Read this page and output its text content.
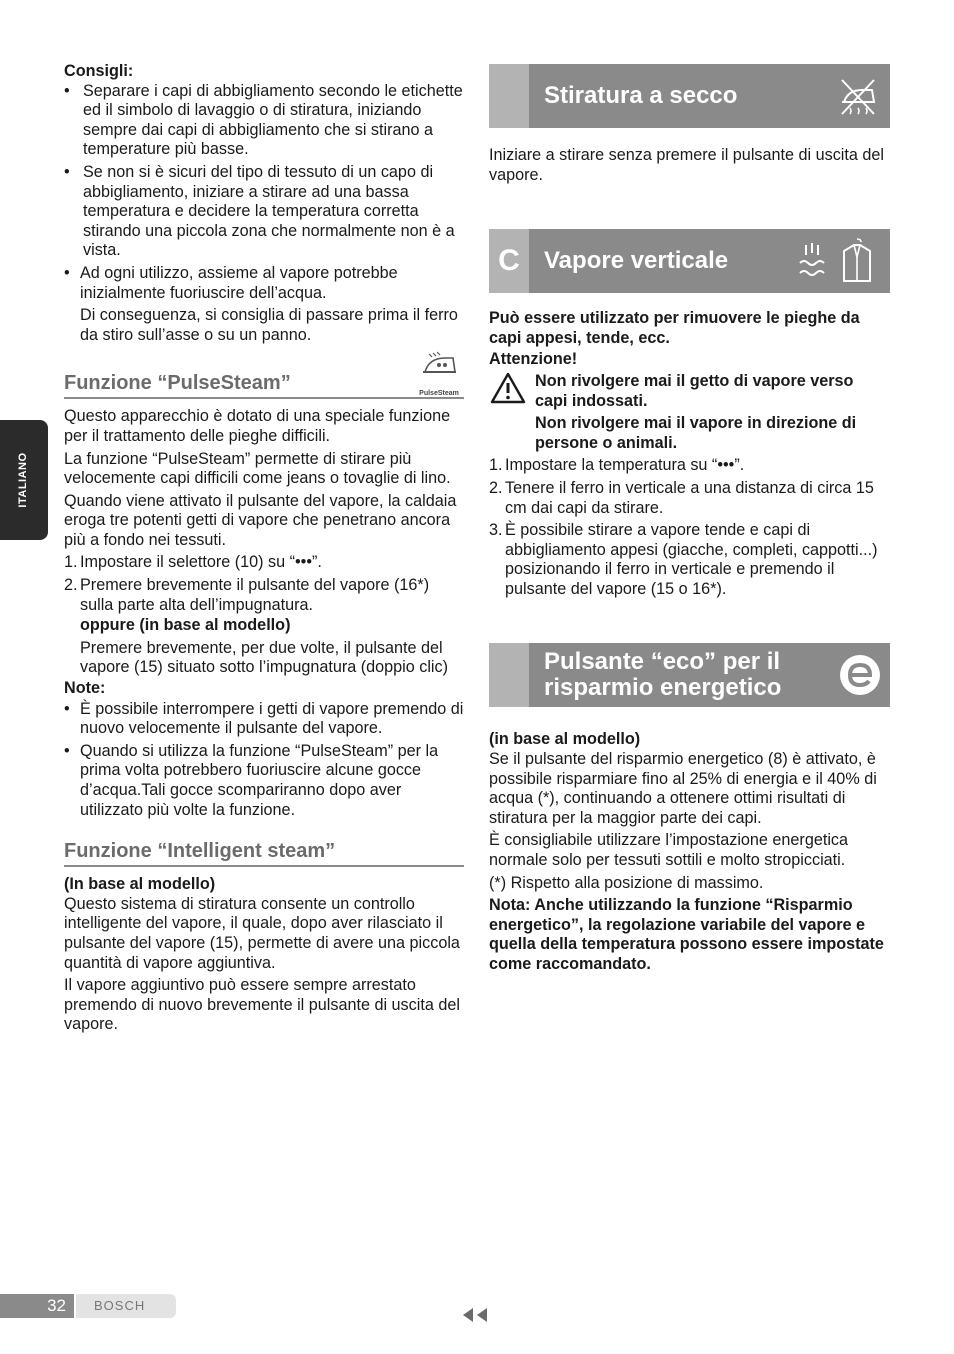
ITALIANO

Consigli:

• Separare i capi di abbigliamento secondo le etichette ed il simbolo di lavaggio o di stiratura, iniziando sempre dai capi di abbigliamento che si stirano a temperature più basse.
• Se non si è sicuri del tipo di tessuto di un capo di abbigliamento, iniziare a stirare ad una bassa temperatura e decidere la temperatura corretta stirando una piccola zona che normalmente non è a vista.
• Ad ogni utilizzo, assieme al vapore potrebbe inizialmente fuoriuscire dell’acqua.

Di conseguenza, si consiglia di passare prima il ferro da stiro sull’asse o su un panno.

Funzione “PulseSteam”	PulseSteam

Questo apparecchio è dotato di una speciale funzione per il trattamento delle pieghe difficili.

La funzione “PulseSteam” permette di stirare più velocemente capi difficili come jeans o tovaglie di lino.

Quando viene attivato il pulsante del vapore, la caldaia eroga tre potenti getti di vapore che penetrano ancora più a fondo nei tessuti.

1. Impostare il selettore (10) su “•••”.
2. Premere brevemente il pulsante del vapore (16*) sulla parte alta dell’impugnatura.

oppure (in base al modello)

Premere brevemente, per due volte, il pulsante del vapore (15) situato sotto l’impugnatura (doppio clic)

Note:

• È possibile interrompere i getti di vapore premendo di nuovo velocemente il pulsante del vapore.
• Quando si utilizza la funzione “PulseSteam” per la prima volta potrebbero fuoriuscire alcune gocce d’acqua.Tali gocce scompariranno dopo aver utilizzato più volte la funzione.
Funzione “Intelligent steam”

(In base al modello)

Questo sistema di stiratura consente un controllo intelligente del vapore, il quale, dopo aver rilasciato il pulsante del vapore (15), permette di avere una piccola quantità di vapore aggiuntiva.

Il vapore aggiuntivo può essere sempre arrestato premendo di nuovo brevemente il pulsante di uscita del vapore.

Stiratura a secco

Iniziare a stirare senza premere il pulsante di uscita del vapore.

C	Vapore verticale

Può essere utilizzato per rimuovere le pieghe da capi appesi, tende, ecc.

Attenzione!

Non rivolgere mai il getto di vapore verso capi indossati.

Non rivolgere mai il vapore in direzione di persone o animali.

1. Impostare la temperatura su “•••”.
2. Tenere il ferro in verticale a una distanza di circa 15 cm dai capi da stirare.
3. È possibile stirare a vapore tende e capi di abbigliamento appesi (giacche, completi, cappotti...) posizionando il ferro in verticale e premendo il pulsante del vapore (15 o 16*).
Pulsante “eco” per il
risparmio energetico

(in base al modello)

Se il pulsante del risparmio energetico (8) è attivato, è possibile risparmiare fino al 25% di energia e il 40% di acqua (*), continuando a ottenere ottimi risultati di stiratura per la maggior parte dei capi.

È consigliabile utilizzare l’impostazione energetica normale solo per tessuti sottili e molto stropicciati.

(*) Rispetto alla posizione di massimo.

Nota: Anche utilizzando la funzione “Risparmio energetico”, la regolazione variabile del vapore e quella della temperatura possono essere impostate come raccomandato.

32 BOSCH
